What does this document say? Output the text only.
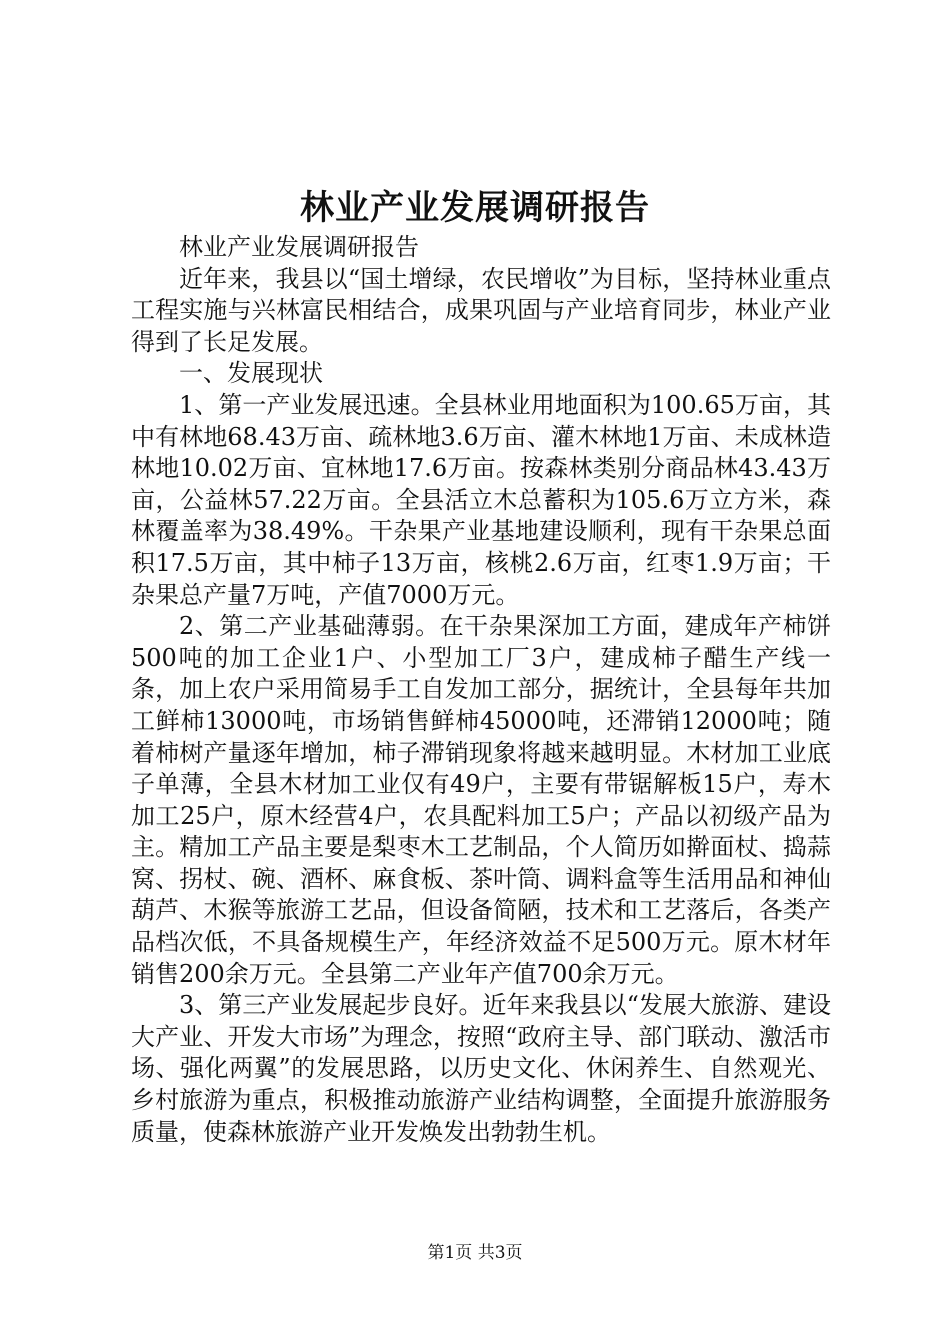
林业产业发展调研报告

林业产业发展调研报告

近年来，我县以“国土增绿，农民增收”为目标，坚持林业重点工程实施与兴林富民相结合，成果巩固与产业培育同步，林业产业得到了长足发展。

一、发展现状

1、第一产业发展迅速。全县林业用地面积为100.65万亩，其中有林地68.43万亩、疏林地3.6万亩、灌木林地1万亩、未成林造林地10.02万亩、宜林地17.6万亩。按森林类别分商品林43.43万亩，公益林57.22万亩。全县活立木总蓄积为105.6万立方米，森林覆盖率为38.49%。干杂果产业基地建设顺利，现有干杂果总面积17.5万亩，其中柿子13万亩，核桃2.6万亩，红枣1.9万亩；干杂果总产量7万吨，产值7000万元。

2、第二产业基础薄弱。在干杂果深加工方面，建成年产柿饼500吨的加工企业1户、小型加工厂3户，建成柿子醋生产线一条，加上农户采用简易手工自发加工部分，据统计，全县每年共加工鲜柿13000吨，市场销售鲜柿45000吨，还滞销12000吨；随着柿树产量逐年增加，柿子滞销现象将越来越明显。木材加工业底子单薄，全县木材加工业仅有49户，主要有带锯解板15户，寿木加工25户，原木经营4户，农具配料加工5户；产品以初级产品为主。精加工产品主要是梨枣木工艺制品，个人简历如擀面杖、捣蒜窝、拐杖、碗、酒杯、麻食板、茶叶筒、调料盒等生活用品和神仙葫芦、木猴等旅游工艺品，但设备简陋，技术和工艺落后，各类产品档次低，不具备规模生产，年经济效益不足500万元。原木材年销售200余万元。全县第二产业年产值700余万元。

3、第三产业发展起步良好。近年来我县以“发展大旅游、建设大产业、开发大市场”为理念，按照“政府主导、部门联动、激活市场、强化两翼”的发展思路，以历史文化、休闲养生、自然观光、乡村旅游为重点，积极推动旅游产业结构调整，全面提升旅游服务质量，使森林旅游产业开发焕发出勃勃生机。

第1页 共3页
